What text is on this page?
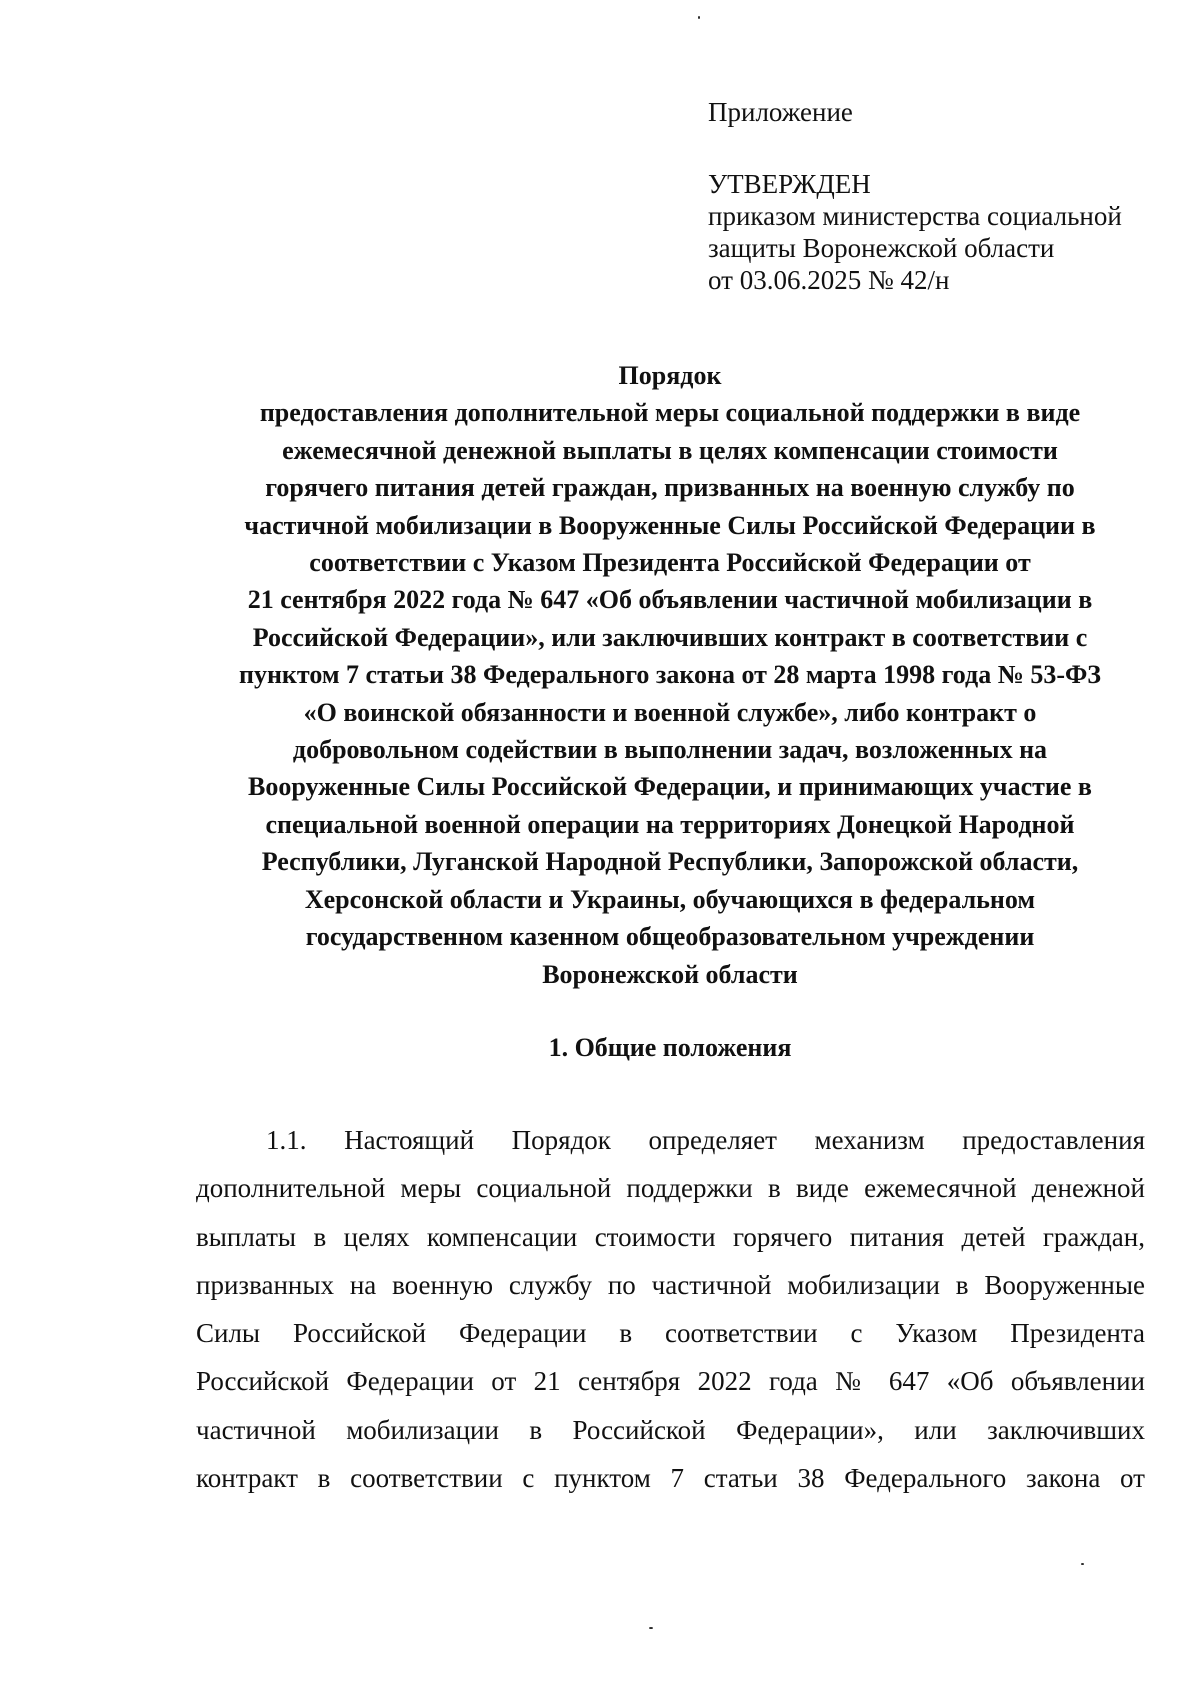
Приложение
УТВЕРЖДЕН
приказом министерства социальной
защиты Воронежской области
от 03.06.2025 № 42/н
Порядок
предоставления дополнительной меры социальной поддержки в виде
ежемесячной денежной выплаты в целях компенсации стоимости
горячего питания детей граждан, призванных на военную службу по
частичной мобилизации в Вооруженные Силы Российской Федерации в
соответствии с Указом Президента Российской Федерации от
21 сентября 2022 года № 647 «Об объявлении частичной мобилизации в
Российской Федерации», или заключивших контракт в соответствии с
пунктом 7 статьи 38 Федерального закона от 28 марта 1998 года № 53-ФЗ
«О воинской обязанности и военной службе», либо контракт о
добровольном содействии в выполнении задач, возложенных на
Вооруженные Силы Российской Федерации, и принимающих участие в
специальной военной операции на территориях Донецкой Народной
Республики, Луганской Народной Республики, Запорожской области,
Херсонской области и Украины, обучающихся в федеральном
государственном казенном общеобразовательном учреждении
Воронежской области
1. Общие положения
1.1. Настоящий Порядок определяет механизм предоставления
дополнительной меры социальной поддержки в виде ежемесячной денежной
выплаты в целях компенсации стоимости горячего питания детей граждан,
призванных на военную службу по частичной мобилизации в Вооруженные
Силы Российской Федерации в соответствии с Указом Президента
Российской Федерации от 21 сентября 2022 года № 647 «Об объявлении
частичной мобилизации в Российской Федерации», или заключивших
контракт в соответствии с пунктом 7 статьи 38 Федерального закона от
